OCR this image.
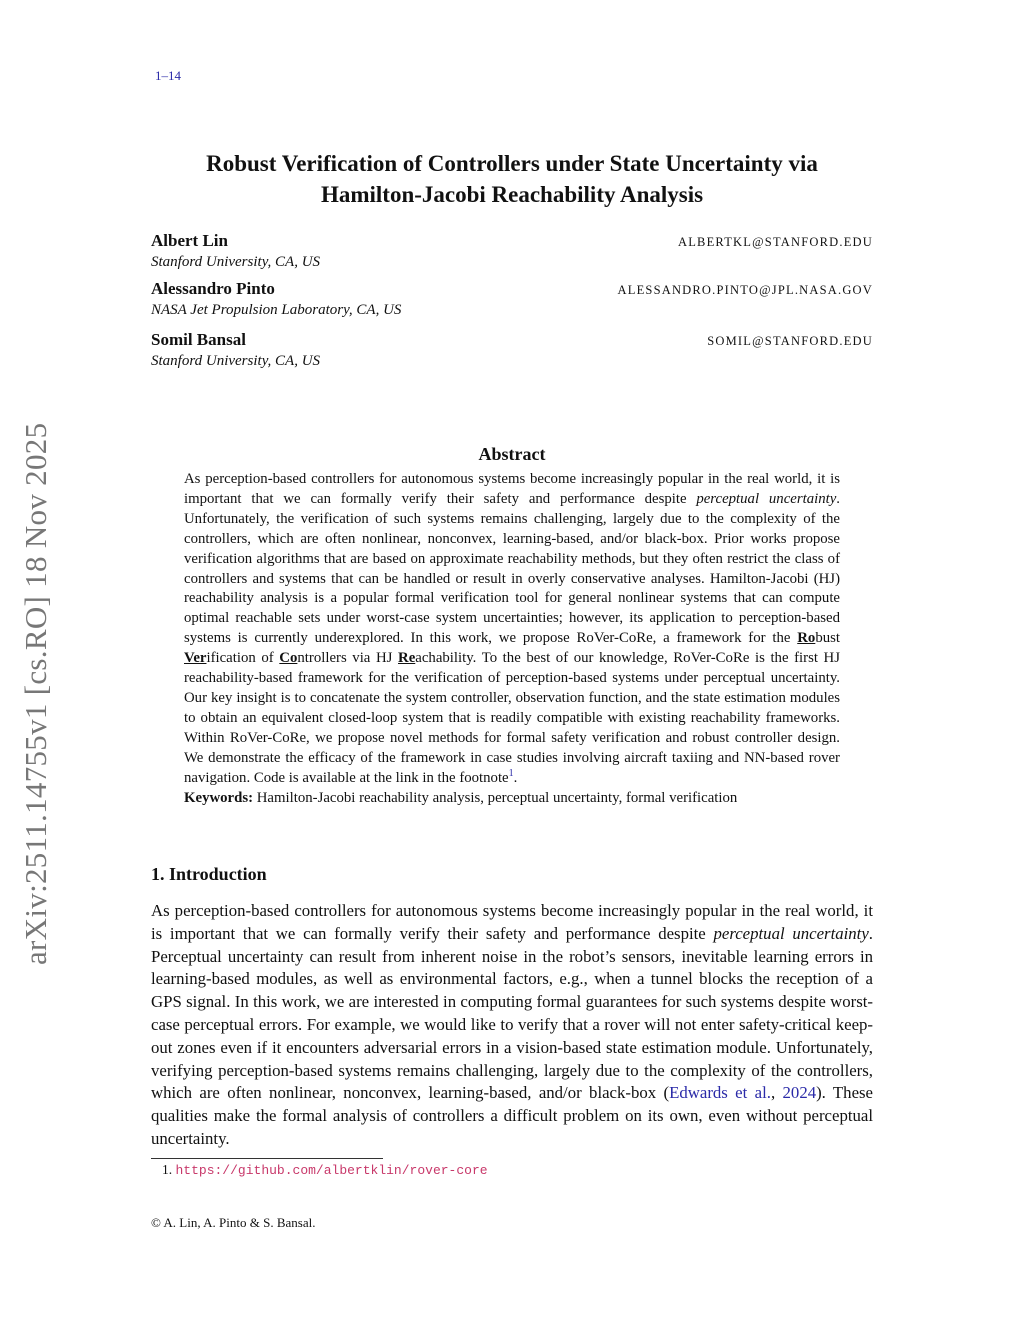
1–14
arXiv:2511.14755v1 [cs.RO] 18 Nov 2025
Robust Verification of Controllers under State Uncertainty via
Hamilton-Jacobi Reachability Analysis
Albert Lin	ALBERTKL@STANFORD.EDU
Stanford University, CA, US
Alessandro Pinto	ALESSANDRO.PINTO@JPL.NASA.GOV
NASA Jet Propulsion Laboratory, CA, US
Somil Bansal	SOMIL@STANFORD.EDU
Stanford University, CA, US
Abstract

As perception-based controllers for autonomous systems become increasingly popular in the real world, it is important that we can formally verify their safety and performance despite perceptual uncertainty. Unfortunately, the verification of such systems remains challenging, largely due to the complexity of the controllers, which are often nonlinear, nonconvex, learning-based, and/or black-box. Prior works propose verification algorithms that are based on approximate reachability methods, but they often restrict the class of controllers and systems that can be handled or result in overly conservative analyses. Hamilton-Jacobi (HJ) reachability analysis is a popular formal verification tool for general nonlinear systems that can compute optimal reachable sets under worst-case system uncertainties; however, its application to perception-based systems is currently underexplored. In this work, we propose RoVer-CoRe, a framework for the Robust Verification of Controllers via HJ Reachability. To the best of our knowledge, RoVer-CoRe is the first HJ reachability-based framework for the verification of perception-based systems under perceptual uncertainty. Our key insight is to concatenate the system controller, observation function, and the state estimation modules to obtain an equivalent closed-loop system that is readily compatible with existing reachability frameworks. Within RoVer-CoRe, we propose novel methods for formal safety verification and robust controller design. We demonstrate the efficacy of the framework in case studies involving aircraft taxiing and NN-based rover navigation. Code is available at the link in the footnote$^1$.

Keywords: Hamilton-Jacobi reachability analysis, perceptual uncertainty, formal verification

1. Introduction

As perception-based controllers for autonomous systems become increasingly popular in the real world, it is important that we can formally verify their safety and performance despite perceptual uncertainty. Perceptual uncertainty can result from inherent noise in the robot’s sensors, inevitable learning errors in learning-based modules, as well as environmental factors, e.g., when a tunnel blocks the reception of a GPS signal. In this work, we are interested in computing formal guarantees for such systems despite worst-case perceptual errors. For example, we would like to verify that a rover will not enter safety-critical keep-out zones even if it encounters adversarial errors in a vision-based state estimation module. Unfortunately, verifying perception-based systems remains challenging, largely due to the complexity of the controllers, which are often nonlinear, nonconvex, learning-based, and/or black-box (Edwards et al., 2024). These qualities make the formal analysis of controllers a difficult problem on its own, even without perceptual uncertainty.

1. https://github.com/albertklin/rover-core
© A. Lin, A. Pinto & S. Bansal.
